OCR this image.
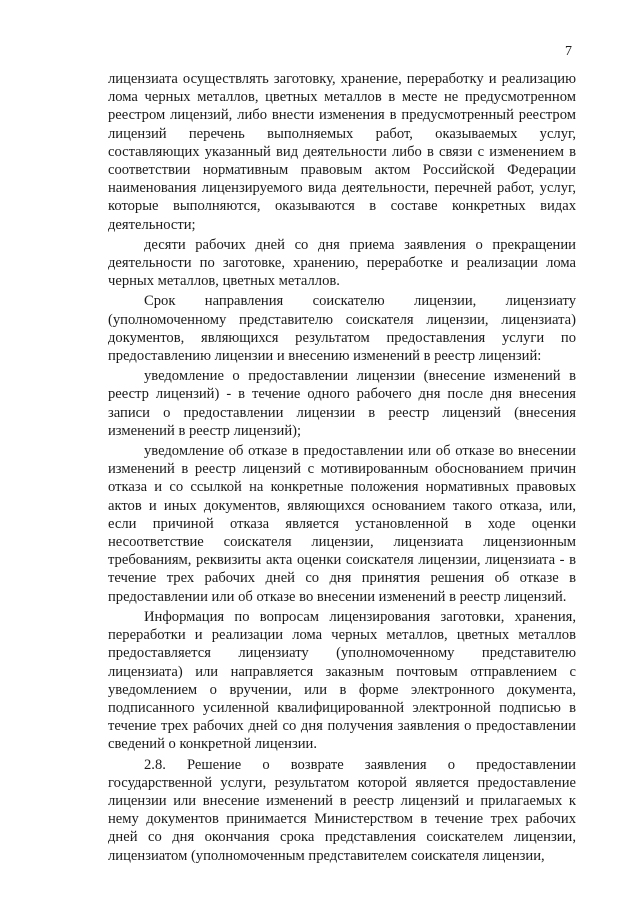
7

лицензиата осуществлять заготовку, хранение, переработку и реализацию лома черных металлов, цветных металлов в месте не предусмотренном реестром лицензий, либо внести изменения в предусмотренный реестром лицензий перечень выполняемых работ, оказываемых услуг, составляющих указанный вид деятельности либо в связи с изменением в соответствии нормативным правовым актом Российской Федерации наименования лицензируемого вида деятельности, перечней работ, услуг, которые выполняются, оказываются в составе конкретных видах деятельности;

десяти рабочих дней со дня приема заявления о прекращении деятельности по заготовке, хранению, переработке и реализации лома черных металлов, цветных металлов.

Срок направления соискателю лицензии, лицензиату (уполномоченному представителю соискателя лицензии, лицензиата) документов, являющихся результатом предоставления услуги по предоставлению лицензии и внесению изменений в реестр лицензий:

уведомление о предоставлении лицензии (внесение изменений в реестр лицензий) - в течение одного рабочего дня после дня внесения записи о предоставлении лицензии в реестр лицензий (внесения изменений в реестр лицензий);

уведомление об отказе в предоставлении или об отказе во внесении изменений в реестр лицензий с мотивированным обоснованием причин отказа и со ссылкой на конкретные положения нормативных правовых актов и иных документов, являющихся основанием такого отказа, или, если причиной отказа является установленной в ходе оценки несоответствие соискателя лицензии, лицензиата лицензионным требованиям, реквизиты акта оценки соискателя лицензии, лицензиата - в течение трех рабочих дней со дня принятия решения об отказе в предоставлении или об отказе во внесении изменений в реестр лицензий.

Информация по вопросам лицензирования заготовки, хранения, переработки и реализации лома черных металлов, цветных металлов предоставляется лицензиату (уполномоченному представителю лицензиата) или направляется заказным почтовым отправлением с уведомлением о вручении, или в форме электронного документа, подписанного усиленной квалифицированной электронной подписью в течение трех рабочих дней со дня получения заявления о предоставлении сведений о конкретной лицензии.

2.8. Решение о возврате заявления о предоставлении государственной услуги, результатом которой является предоставление лицензии или внесение изменений в реестр лицензий и прилагаемых к нему документов принимается Министерством в течение трех рабочих дней со дня окончания срока представления соискателем лицензии, лицензиатом (уполномоченным представителем соискателя лицензии,
